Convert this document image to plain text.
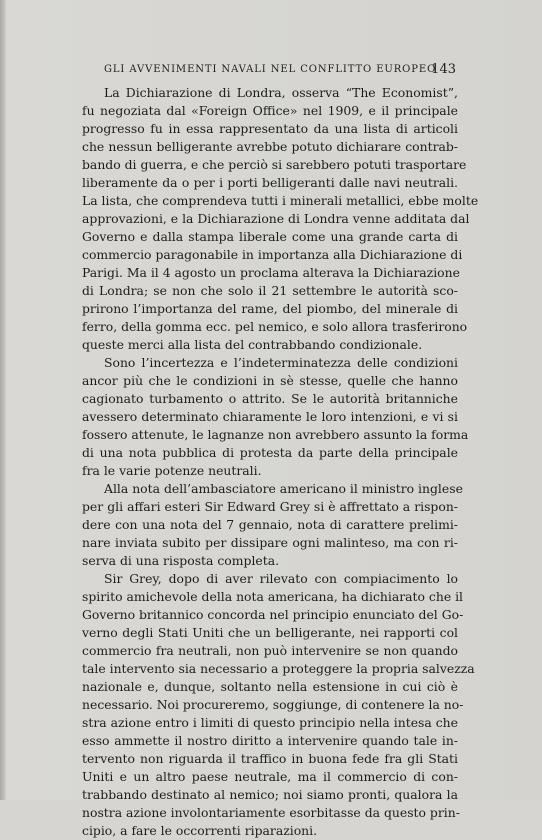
GLI AVVENIMENTI NAVALI NEL CONFLITTO EUROPEO
143
La Dichiarazione di Londra, osserva “The Economist”,
fu negoziata dal «Foreign Office» nel 1909, e il principale
progresso fu in essa rappresentato da una lista di articoli
che nessun belligerante avrebbe potuto dichiarare contrab-
bando di guerra, e che perciò si sarebbero potuti trasportare
liberamente da o per i porti belligeranti dalle navi neutrali.
La lista, che comprendeva tutti i minerali metallici, ebbe molte
approvazioni, e la Dichiarazione di Londra venne additata dal
Governo e dalla stampa liberale come una grande carta di
commercio paragonabile in importanza alla Dichiarazione di
Parigi. Ma il 4 agosto un proclama alterava la Dichiarazione
di Londra; se non che solo il 21 settembre le autorità sco-
prirono l’importanza del rame, del piombo, del minerale di
ferro, della gomma ecc. pel nemico, e solo allora trasferirono
queste merci alla lista del contrabbando condizionale.
Sono l’incertezza e l’indeterminatezza delle condizioni
ancor più che le condizioni in sè stesse, quelle che hanno
cagionato turbamento o attrito. Se le autorità britanniche
avessero determinato chiaramente le loro intenzioni, e vi si
fossero attenute, le lagnanze non avrebbero assunto la forma
di una nota pubblica di protesta da parte della principale
fra le varie potenze neutrali.
Alla nota dell’ambasciatore americano il ministro inglese
per gli affari esteri Sir Edward Grey si è affrettato a rispon-
dere con una nota del 7 gennaio, nota di carattere prelimi-
nare inviata subito per dissipare ogni malinteso, ma con ri-
serva di una risposta completa.
Sir Grey, dopo di aver rilevato con compiacimento lo
spirito amichevole della nota americana, ha dichiarato che il
Governo britannico concorda nel principio enunciato del Go-
verno degli Stati Uniti che un belligerante, nei rapporti col
commercio fra neutrali, non può intervenire se non quando
tale intervento sia necessario a proteggere la propria salvezza
nazionale e, dunque, soltanto nella estensione in cui ciò è
necessario. Noi procureremo, soggiunge, di contenere la no-
stra azione entro i limiti di questo principio nella intesa che
esso ammette il nostro diritto a intervenire quando tale in-
tervento non riguarda il traffico in buona fede fra gli Stati
Uniti e un altro paese neutrale, ma il commercio di con-
trabbando destinato al nemico; noi siamo pronti, qualora la
nostra azione involontariamente esorbitasse da questo prin-
cipio, a fare le occorrenti riparazioni.
